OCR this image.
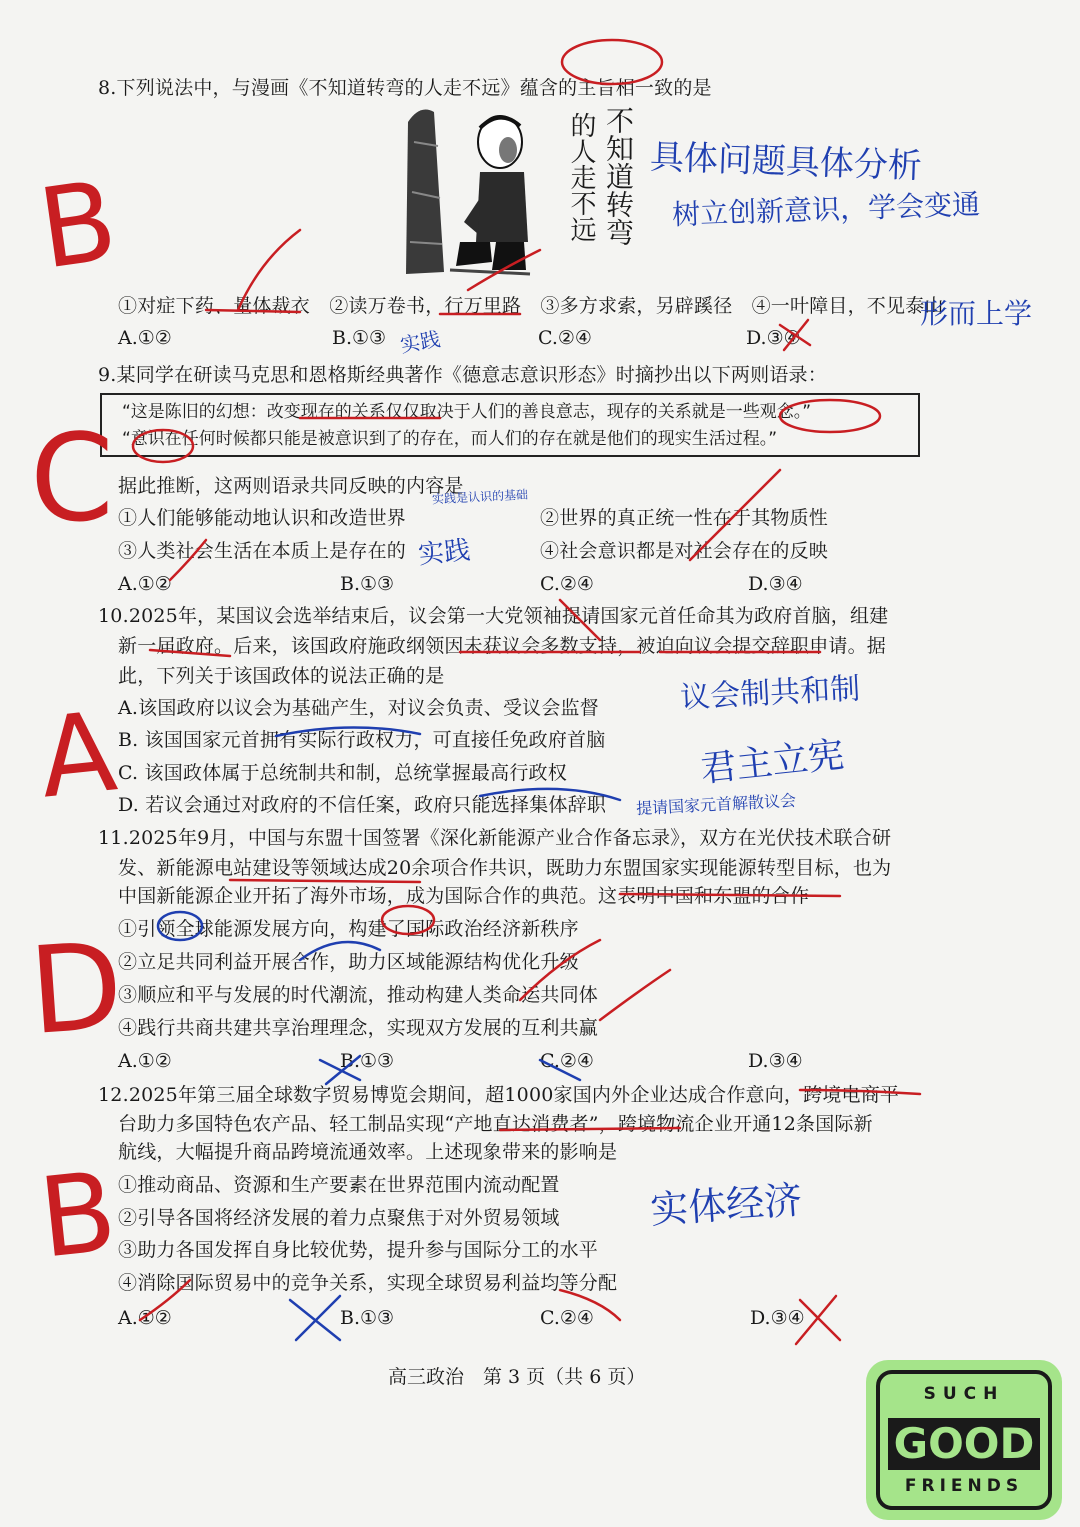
8.下列说法中，与漫画《不知道转弯的人走不远》蕴含的主旨相一致的是
不知道转弯
的人走不远
①对症下药、量体裁衣　②读万卷书，行万里路　③多方求索，另辟蹊径　④一叶障目，不见泰山
A.①②	B.①③	C.②④	D.③④
9.某同学在研读马克思和恩格斯经典著作《德意志意识形态》时摘抄出以下两则语录：
“这是陈旧的幻想：改变现存的关系仅仅取决于人们的善良意志，现存的关系就是一些观念。”
“意识在任何时候都只能是被意识到了的存在，而人们的存在就是他们的现实生活过程。”
据此推断，这两则语录共同反映的内容是
①人们能够能动地认识和改造世界	②世界的真正统一性在于其物质性
③人类社会生活在本质上是存在的	④社会意识都是对社会存在的反映
A.①②	B.①③	C.②④	D.③④
10.2025年，某国议会选举结束后，议会第一大党领袖提请国家元首任命其为政府首脑，组建
新一届政府。后来，该国政府施政纲领因未获议会多数支持，被迫向议会提交辞职申请。据
此，下列关于该国政体的说法正确的是
A.该国政府以议会为基础产生，对议会负责、受议会监督
B. 该国国家元首拥有实际行政权力，可直接任免政府首脑
C. 该国政体属于总统制共和制，总统掌握最高行政权
D. 若议会通过对政府的不信任案，政府只能选择集体辞职
11.2025年9月，中国与东盟十国签署《深化新能源产业合作备忘录》，双方在光伏技术联合研
发、新能源电站建设等领域达成20余项合作共识，既助力东盟国家实现能源转型目标，也为
中国新能源企业开拓了海外市场，成为国际合作的典范。这表明中国和东盟的合作
①引领全球能源发展方向，构建了国际政治经济新秩序
②立足共同利益开展合作，助力区域能源结构优化升级
③顺应和平与发展的时代潮流，推动构建人类命运共同体
④践行共商共建共享治理理念，实现双方发展的互利共赢
A.①②	B.①③	C.②④	D.③④
12.2025年第三届全球数字贸易博览会期间，超1000家国内外企业达成合作意向，跨境电商平
台助力多国特色农产品、轻工制品实现“产地直达消费者”，跨境物流企业开通12条国际新
航线，大幅提升商品跨境流通效率。上述现象带来的影响是
①推动商品、资源和生产要素在世界范围内流动配置
②引导各国将经济发展的着力点聚焦于对外贸易领域
③助力各国发挥自身比较优势，提升参与国际分工的水平
④消除国际贸易中的竞争关系，实现全球贸易利益均等分配
A.①②	B.①③	C.②④	D.③④
高三政治　第 3 页（共 6 页）
具体问题具体分析
树立创新意识，学会变通
形而上学
实践
B
实践是认识的基础
实践
C
议会制共和制
君主立宪
提请国家元首解散议会
A
D
实体经济
B
SUCH
GOOD
FRIENDS
